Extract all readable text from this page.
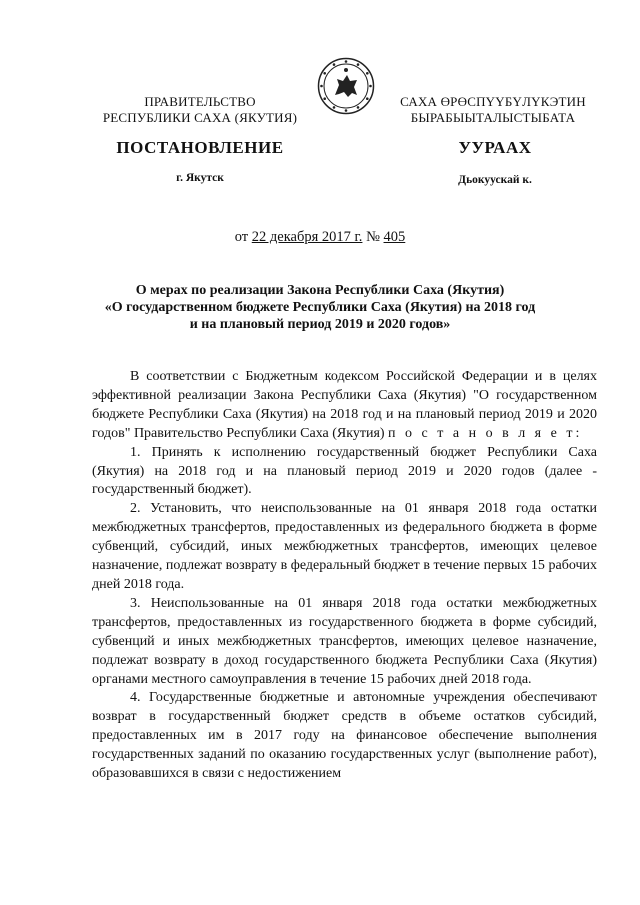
ПРАВИТЕЛЬСТВО
РЕСПУБЛИКИ САХА (ЯКУТИЯ)
САХА ӨРӨСПҮҮБҮЛҮКЭТИН
БЫРАБЫЫТАЛЫСТЫБАТА
ПОСТАНОВЛЕНИЕ	УУРААХ
г. Якутск	Дьокуускай к.
от 22 декабря 2017 г. № 405
О мерах по реализации Закона Республики Саха (Якутия)
«О государственном бюджете Республики Саха (Якутия) на 2018 год
и на плановый период 2019 и 2020 годов»

В соответствии с Бюджетным кодексом Российской Федерации и в целях эффективной реализации Закона Республики Саха (Якутия) "О государственном бюджете Республики Саха (Якутия) на 2018 год и на плановый период 2019 и 2020 годов" Правительство Республики Саха (Якутия) п о с т а н о в л я е т:

1. Принять к исполнению государственный бюджет Республики Саха (Якутия) на 2018 год и на плановый период 2019 и 2020 годов (далее - государственный бюджет).

2. Установить, что неиспользованные на 01 января 2018 года остатки межбюджетных трансфертов, предоставленных из федерального бюджета в форме субвенций, субсидий, иных межбюджетных трансфертов, имеющих целевое назначение, подлежат возврату в федеральный бюджет в течение первых 15 рабочих дней 2018 года.

3. Неиспользованные на 01 января 2018 года остатки межбюджетных трансфертов, предоставленных из государственного бюджета в форме субсидий, субвенций и иных межбюджетных трансфертов, имеющих целевое назначение, подлежат возврату в доход государственного бюджета Республики Саха (Якутия) органами местного самоуправления в течение 15 рабочих дней 2018 года.

4. Государственные бюджетные и автономные учреждения обеспечивают возврат в государственный бюджет средств в объеме остатков субсидий, предоставленных им в 2017 году на финансовое обеспечение выполнения государственных заданий по оказанию государственных услуг (выполнение работ), образовавшихся в связи с недостижением
